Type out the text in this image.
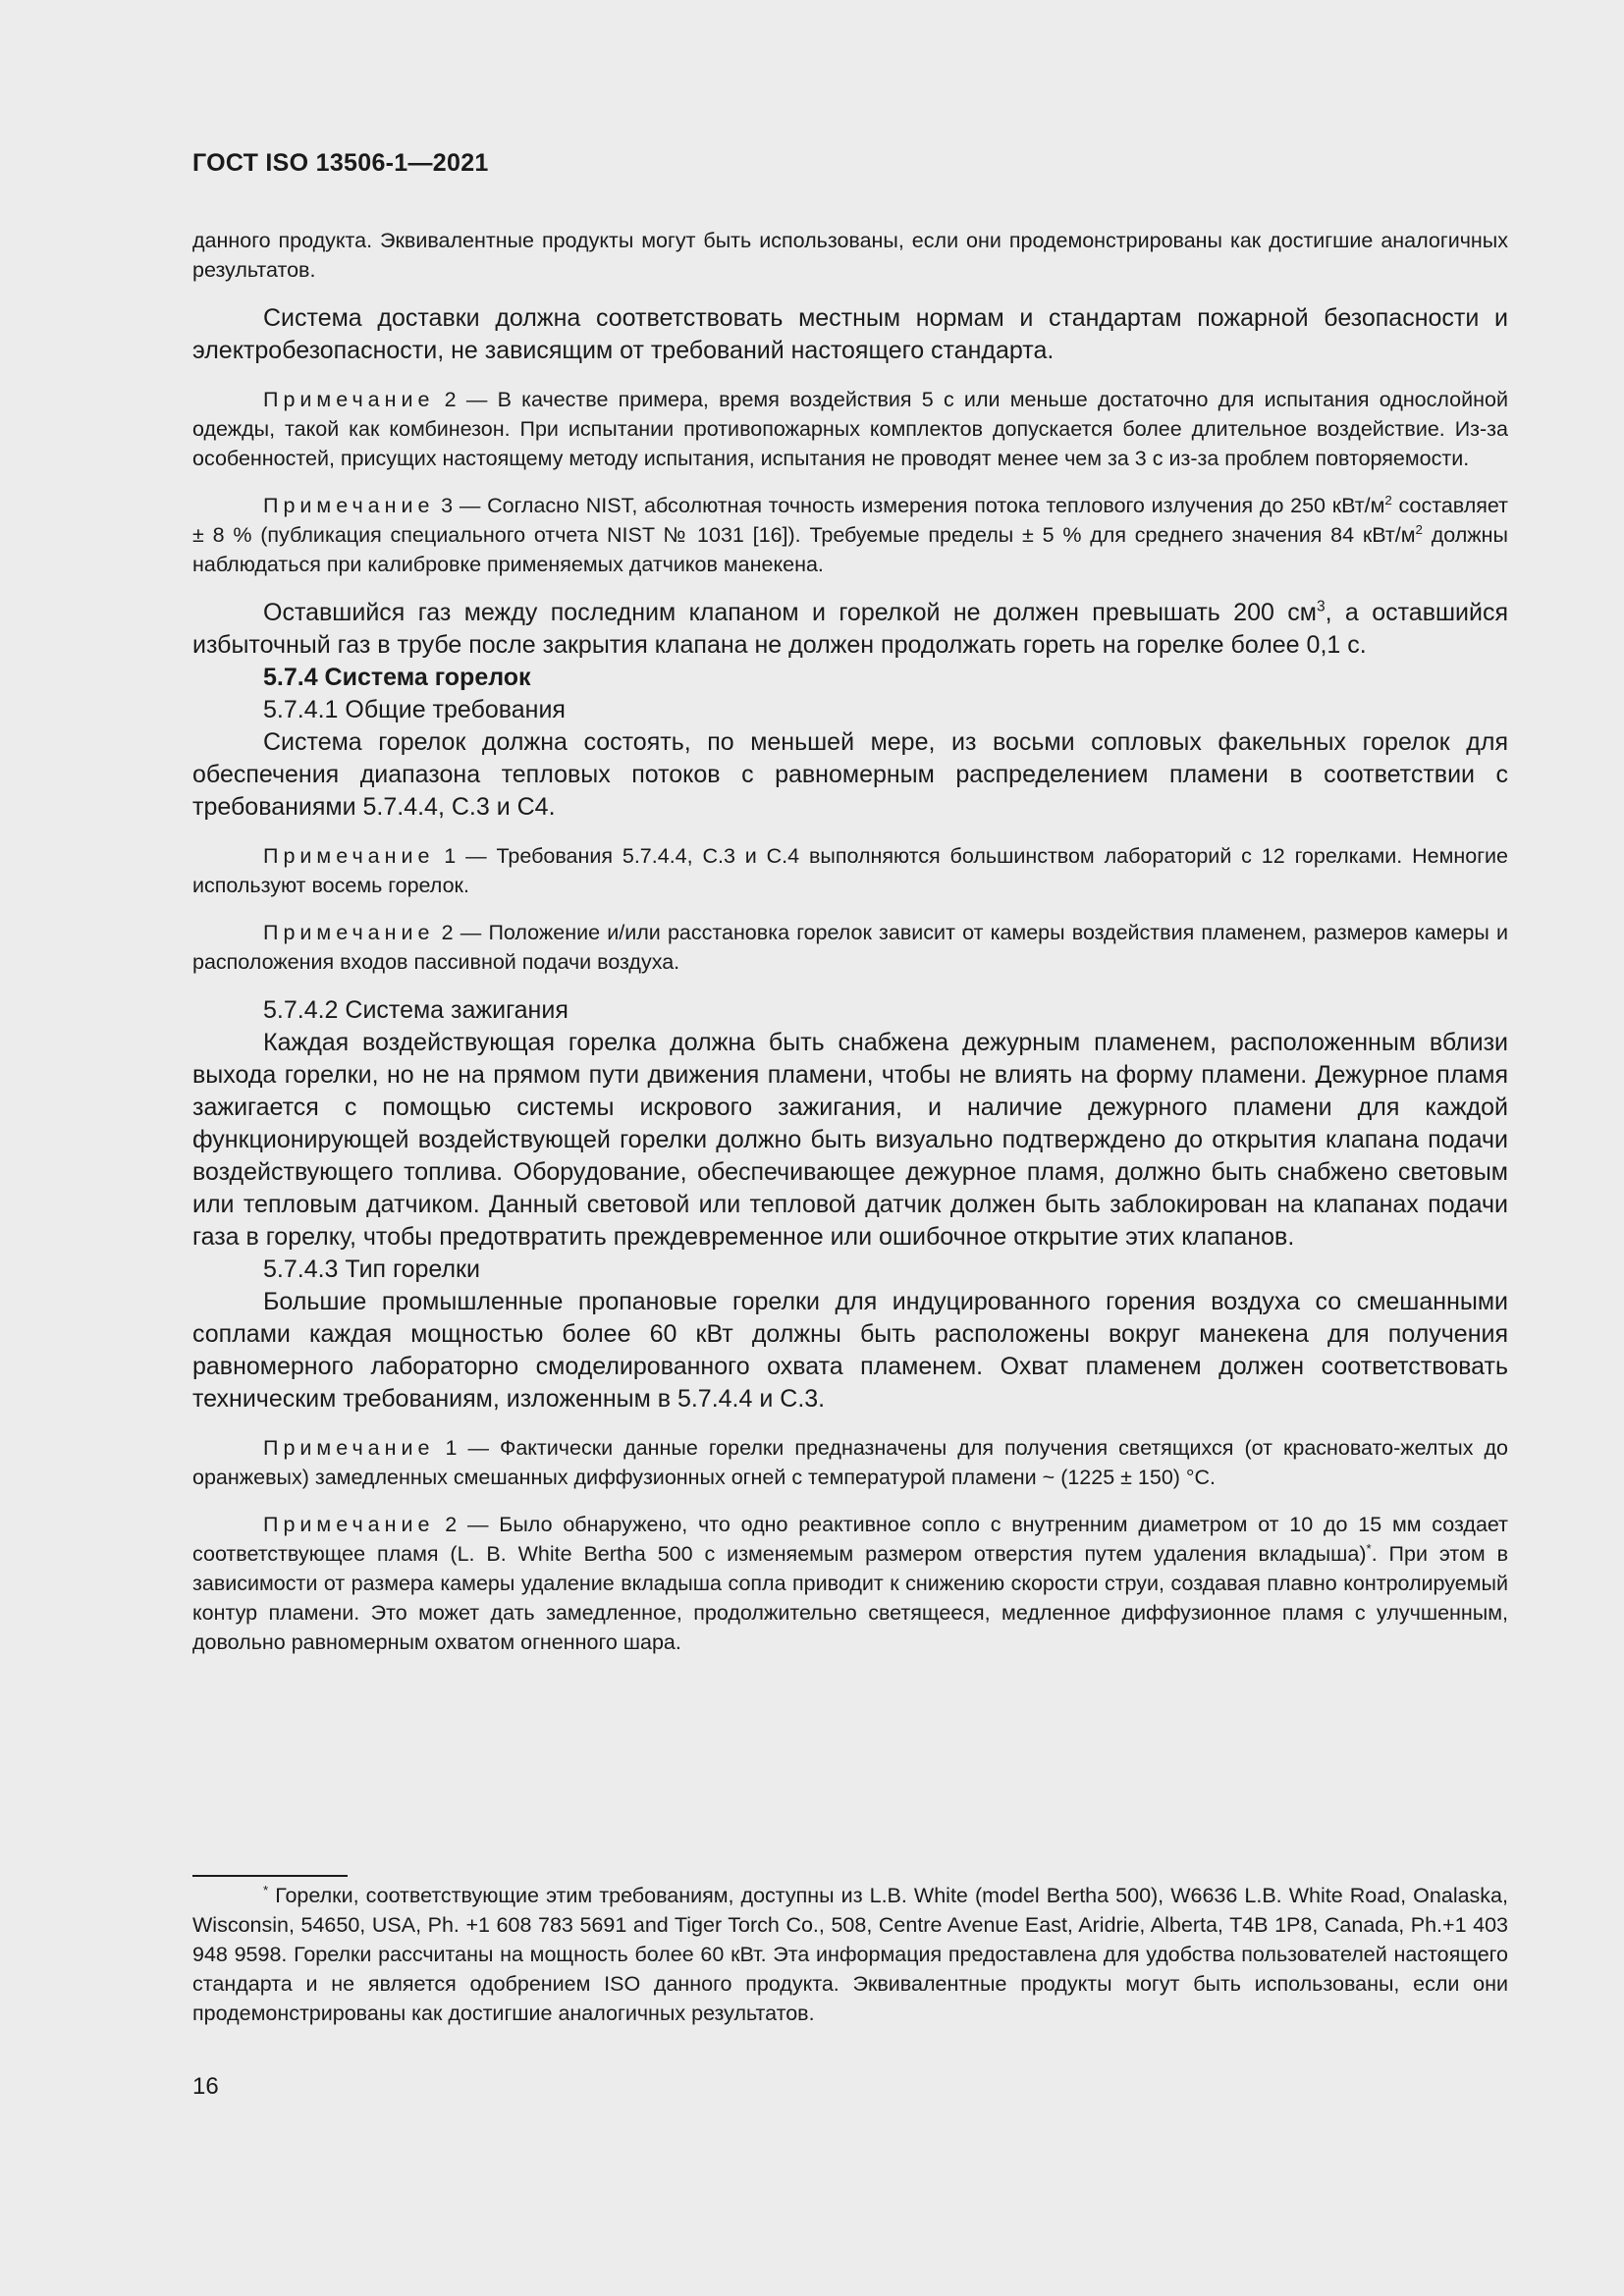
ГОСТ ISO 13506-1—2021

данного продукта. Эквивалентные продукты могут быть использованы, если они продемонстрированы как достигшие аналогичных результатов.

Система доставки должна соответствовать местным нормам и стандартам пожарной безопасности и электробезопасности, не зависящим от требований настоящего стандарта.

Примечание 2 — В качестве примера, время воздействия 5 с или меньше достаточно для испытания однослойной одежды, такой как комбинезон. При испытании противопожарных комплектов допускается более длительное воздействие. Из-за особенностей, присущих настоящему методу испытания, испытания не проводят менее чем за 3 с из-за проблем повторяемости.

Примечание 3 — Согласно NIST, абсолютная точность измерения потока теплового излучения до 250 кВт/$м^2$ составляет ± 8 % (публикация специального отчета NIST № 1031 [16]). Требуемые пределы ± 5 % для среднего значения 84 кВт/$м^2$ должны наблюдаться при калибровке применяемых датчиков манекена.

Оставшийся газ между последним клапаном и горелкой не должен превышать 200 $см^3$, а оставшийся избыточный газ в трубе после закрытия клапана не должен продолжать гореть на горелке более 0,1 с.

5.7.4 Система горелок

5.7.4.1 Общие требования

Система горелок должна состоять, по меньшей мере, из восьми сопловых факельных горелок для обеспечения диапазона тепловых потоков с равномерным распределением пламени в соответствии с требованиями 5.7.4.4, С.3 и С4.

Примечание 1 — Требования 5.7.4.4, С.3 и С.4 выполняются большинством лабораторий с 12 горелками. Немногие используют восемь горелок.

Примечание 2 — Положение и/или расстановка горелок зависит от камеры воздействия пламенем, размеров камеры и расположения входов пассивной подачи воздуха.

5.7.4.2 Система зажигания

Каждая воздействующая горелка должна быть снабжена дежурным пламенем, расположенным вблизи выхода горелки, но не на прямом пути движения пламени, чтобы не влиять на форму пламени. Дежурное пламя зажигается с помощью системы искрового зажигания, и наличие дежурного пламени для каждой функционирующей воздействующей горелки должно быть визуально подтверждено до открытия клапана подачи воздействующего топлива. Оборудование, обеспечивающее дежурное пламя, должно быть снабжено световым или тепловым датчиком. Данный световой или тепловой датчик должен быть заблокирован на клапанах подачи газа в горелку, чтобы предотвратить преждевременное или ошибочное открытие этих клапанов.

5.7.4.3 Тип горелки

Большие промышленные пропановые горелки для индуцированного горения воздуха со смешанными соплами каждая мощностью более 60 кВт должны быть расположены вокруг манекена для получения равномерного лабораторно смоделированного охвата пламенем. Охват пламенем должен соответствовать техническим требованиям, изложенным в 5.7.4.4 и С.3.

Примечание 1 — Фактически данные горелки предназначены для получения светящихся (от красновато-желтых до оранжевых) замедленных смешанных диффузионных огней с температурой пламени ~ (1225 ± 150) °С.

Примечание 2 — Было обнаружено, что одно реактивное сопло с внутренним диаметром от 10 до 15 мм создает соответствующее пламя (L. B. White Bertha 500 с изменяемым размером отверстия путем удаления вкладыша)*. При этом в зависимости от размера камеры удаление вкладыша сопла приводит к снижению скорости струи, создавая плавно контролируемый контур пламени. Это может дать замедленное, продолжительно светящееся, медленное диффузионное пламя с улучшенным, довольно равномерным охватом огненного шара.

* Горелки, соответствующие этим требованиям, доступны из L.B. White (model Bertha 500), W6636 L.B. White Road, Onalaska, Wisconsin, 54650, USA, Ph. +1 608 783 5691 and Tiger Torch Co., 508, Centre Avenue East, Aridrie, Alberta, T4B 1P8, Canada, Ph.+1 403 948 9598. Горелки рассчитаны на мощность более 60 кВт. Эта информация предоставлена для удобства пользователей настоящего стандарта и не является одобрением ISO данного продукта. Эквивалентные продукты могут быть использованы, если они продемонстрированы как достигшие аналогичных результатов.

16
